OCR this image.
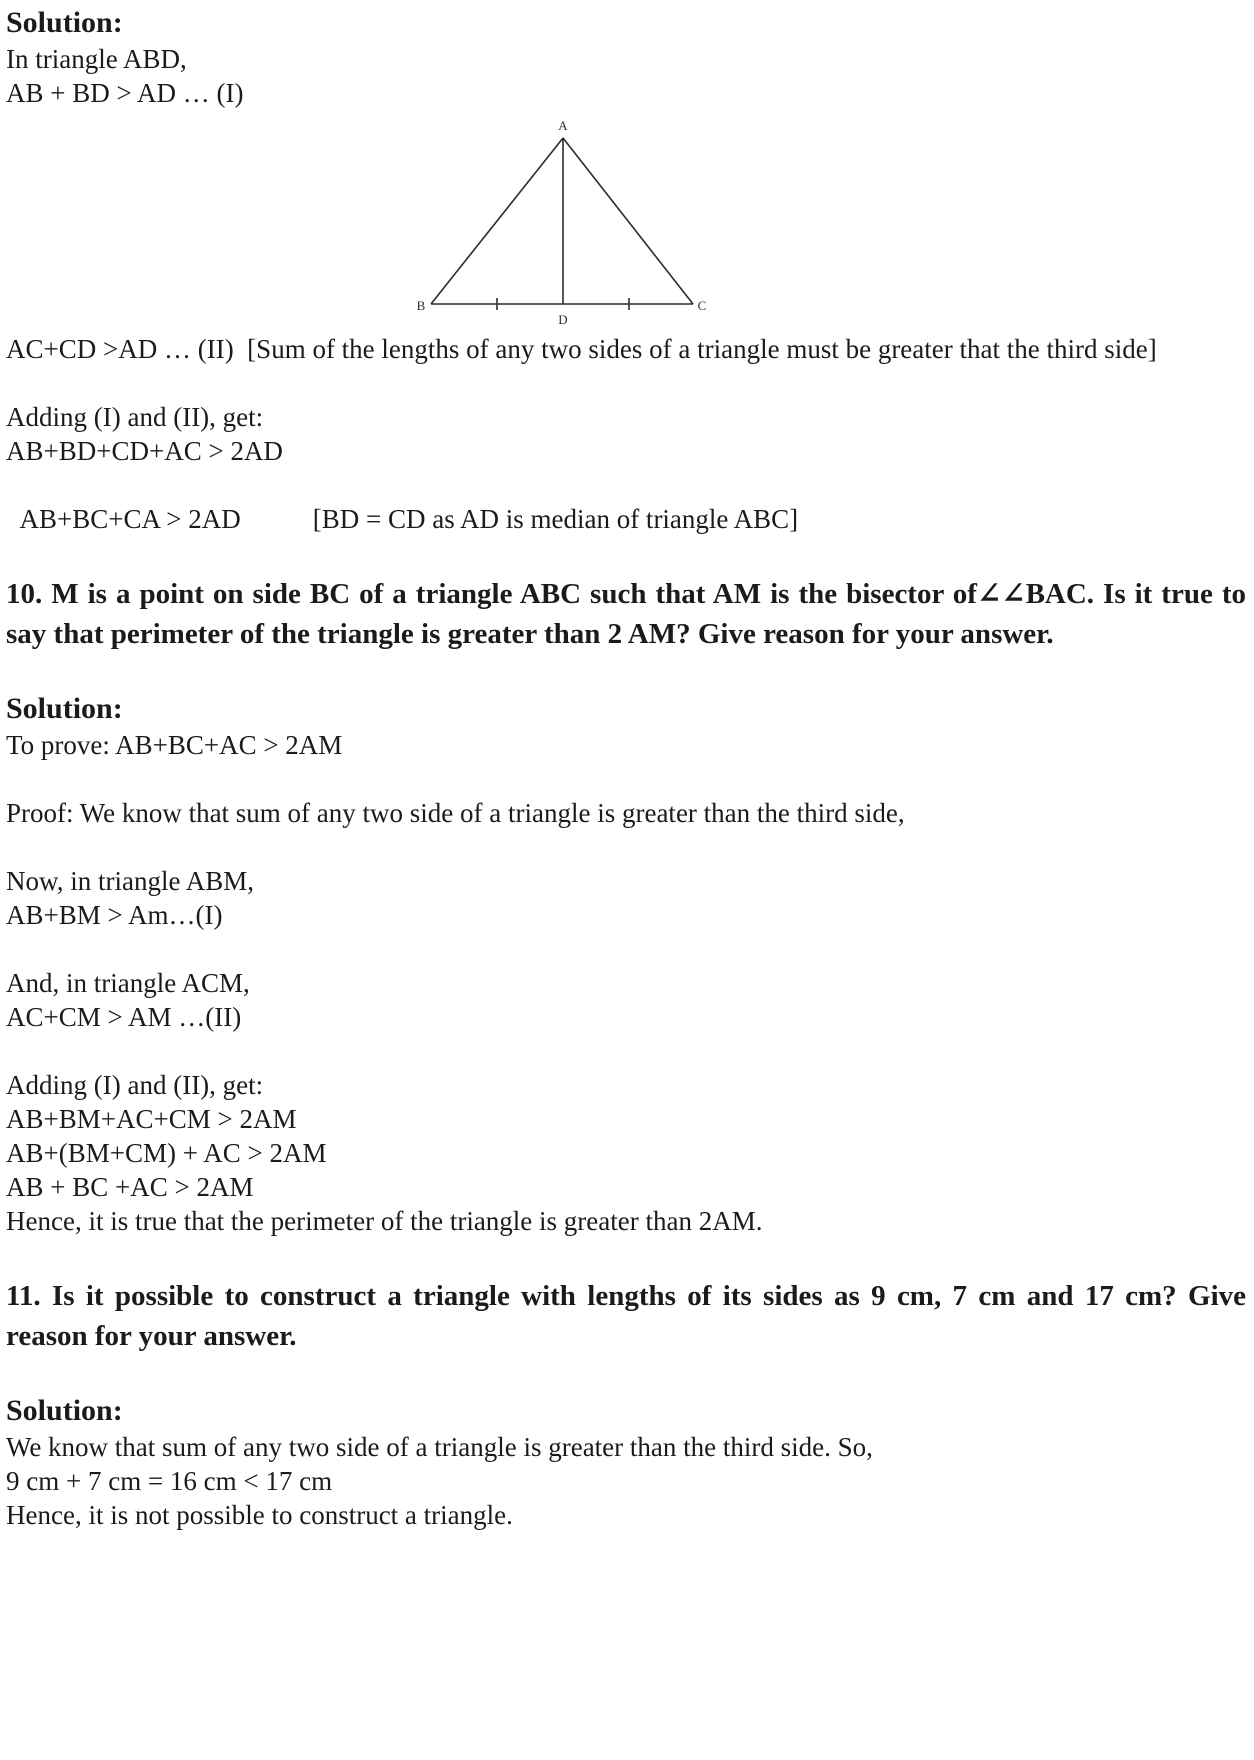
Solution:
In triangle ABD,
AB + BD > AD … (I)
A
B	C
D
AC+CD >AD … (II)  [Sum of the lengths of any two sides of a triangle must be greater that the third side]
Adding (I) and (II), get:
AB+BD+CD+AC > 2AD

AB+BC+CA > 2AD	[BD = CD as AD is median of triangle ABC]

10. M is a point on side BC of a triangle ABC such that AM is the bisector of∠∠BAC. Is it true to say that perimeter of the triangle is greater than 2 AM? Give reason for your answer.
Solution:
To prove: AB+BC+AC > 2AM
Proof: We know that sum of any two side of a triangle is greater than the third side,
Now, in triangle ABM,
AB+BM > Am…(I)
And, in triangle ACM,
AC+CM > AM …(II)
Adding (I) and (II), get:
AB+BM+AC+CM > 2AM
AB+(BM+CM) + AC > 2AM
AB + BC +AC > 2AM
Hence, it is true that the perimeter of the triangle is greater than 2AM.
11. Is it possible to construct a triangle with lengths of its sides as 9 cm, 7 cm and 17 cm? Give reason for your answer.
Solution:
We know that sum of any two side of a triangle is greater than the third side. So,
9 cm + 7 cm = 16 cm < 17 cm
Hence, it is not possible to construct a triangle.
